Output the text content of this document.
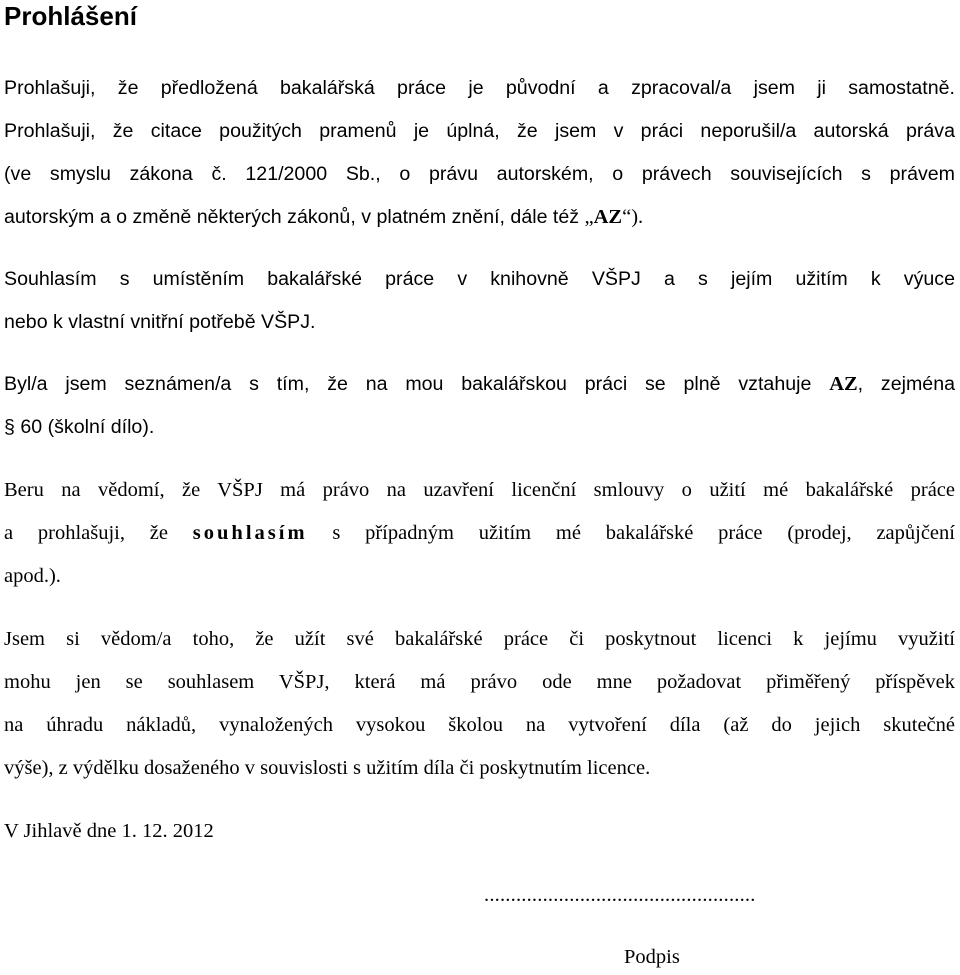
Prohlášení
Prohlašuji, že předložená bakalářská práce je původní a zpracoval/a jsem ji samostatně.
Prohlašuji, že citace použitých pramenů je úplná, že jsem v práci neporušil/a autorská práva
(ve smyslu zákona č. 121/2000 Sb., o právu autorském, o právech souvisejících s právem
autorským a o změně některých zákonů, v platném znění, dále též „AZ“).
Souhlasím s umístěním bakalářské práce v knihovně VŠPJ a s jejím užitím k výuce
nebo k vlastní vnitřní potřebě VŠPJ.
Byl/a jsem seznámen/a s tím, že na mou bakalářskou práci se plně vztahuje AZ, zejména
§ 60 (školní dílo).
Beru na vědomí, že VŠPJ má právo na uzavření licenční smlouvy o užití mé bakalářské práce
a prohlašuji, že souhlasím s případným užitím mé bakalářské práce (prodej, zapůjčení
apod.).
Jsem si vědom/a toho, že užít své bakalářské práce či poskytnout licenci k jejímu využití
mohu jen se souhlasem VŠPJ, která má právo ode mne požadovat přiměřený příspěvek
na úhradu nákladů, vynaložených vysokou školou na vytvoření díla (až do jejich skutečné
výše), z výdělku dosaženého v souvislosti s užitím díla či poskytnutím licence.
V Jihlavě dne 1. 12. 2012
...................................................
Podpis
